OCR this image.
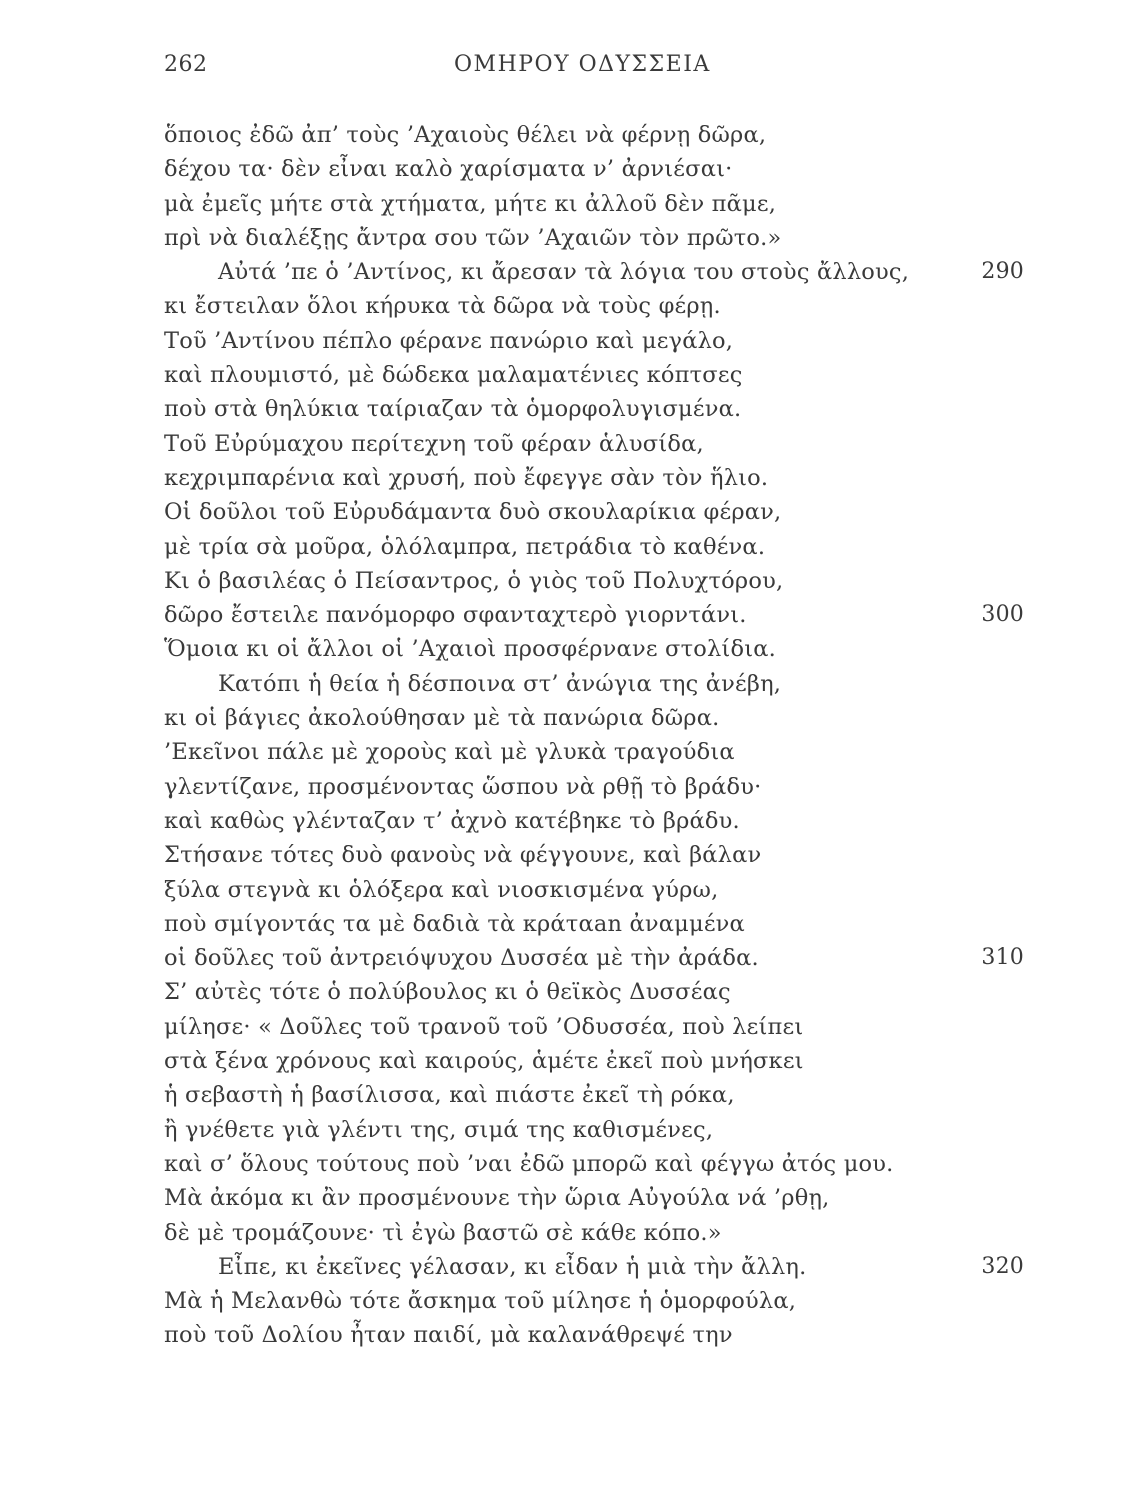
262	ΟΜΗΡΟΥ ΟΔΥΣΣΕΙΑ
ὅποιος ἐδῶ ἀπ’ τοὺς ’Αχαιοὺς θέλει νὰ φέρνῃ δῶρα,
δέχου τα· δὲν εἶναι καλὸ χαρίσματα ν’ ἀρνιέσαι·
μὰ ἐμεῖς μήτε στὰ χτήματα, μήτε κι ἀλλοῦ δὲν πᾶμε,
πρὶ νὰ διαλέξῃς ἄντρα σου τῶν ’Αχαιῶν τὸν πρῶτο.»
Αὐτά ’πε ὁ ’Αντίνος, κι ἄρεσαν τὰ λόγια του στοὺς ἄλλους,	290
κι ἔστειλαν ὅλοι κήρυκα τὰ δῶρα νὰ τοὺς φέρῃ.
Τοῦ ’Αντίνου πέπλο φέρανε πανώριο καὶ μεγάλο,
καὶ πλουμιστό, μὲ δώδεκα μαλαματένιες κόπτσες
ποὺ στὰ θηλύκια ταίριαζαν τὰ ὁμορφολυγισμένα.
Τοῦ Εὐρύμαχου περίτεχνη τοῦ φέραν ἁλυσίδα,
κεχριμπαρένια καὶ χρυσή, ποὺ ἔφεγγε σὰν τὸν ἥλιο.
Οἱ δοῦλοι τοῦ Εὐρυδάμαντα δυὸ σκουλαρίκια φέραν,
μὲ τρία σὰ μοῦρα, ὁλόλαμπρα, πετράδια τὸ καθένα.
Κι ὁ βασιλέας ὁ Πείσαντρος, ὁ γιὸς τοῦ Πολυχτόρου,
δῶρο ἔστειλε πανόμορφο σφανταχτερὸ γιορντάνι.	300
Ὅμοια κι οἱ ἄλλοι οἱ ’Αχαιοὶ προσφέρνανε στολίδια.
Κατόπι ἡ θεία ἡ δέσποινα στ’ ἀνώγια της ἀνέβη,
κι οἱ βάγιες ἀκολούθησαν μὲ τὰ πανώρια δῶρα.
’Εκεῖνοι πάλε μὲ χοροὺς καὶ μὲ γλυκὰ τραγούδια
γλεντίζανε, προσμένοντας ὥσπου νὰ ρθῇ τὸ βράδυ·
καὶ καθὼς γλένταζαν τ’ ἀχνὸ κατέβηκε τὸ βράδυ.
Στήσανε τότες δυὸ φανοὺς νὰ φέγγουνε, καὶ βάλαν
ξύλα στεγνὰ κι ὁλόξερα καὶ νιοσκισμένα γύρω,
ποὺ σμίγοντάς τα μὲ δαδιὰ τὰ κράταan ἀναμμένα
οἱ δοῦλες τοῦ ἀντρειόψυχου Δυσσέα μὲ τὴν ἀράδα.	310
Σ’ αὐτὲς τότε ὁ πολύβουλος κι ὁ θεϊκὸς Δυσσέας
μίλησε· « Δοῦλες τοῦ τρανοῦ τοῦ ’Οδυσσέα, ποὺ λείπει
στὰ ξένα χρόνους καὶ καιρούς, ἁμέτε ἐκεῖ ποὺ μνήσκει
ἡ σεβαστὴ ἡ βασίλισσα, καὶ πιάστε ἐκεῖ τὴ ρόκα,
ἢ γνέθετε γιὰ γλέντι της, σιμά της καθισμένες,
καὶ σ’ ὅλους τούτους ποὺ ’ναι ἐδῶ μπορῶ καὶ φέγγω ἀτός μου.
Μὰ ἀκόμα κι ἂν προσμένουνε τὴν ὥρια Αὐγούλα νά ’ρθῃ,
δὲ μὲ τρομάζουνε· τὶ ἐγὼ βαστῶ σὲ κάθε κόπο.»
Εἶπε, κι ἐκεῖνες γέλασαν, κι εἶδαν ἡ μιὰ τὴν ἄλλη.	320
Μὰ ἡ Μελανθὼ τότε ἄσκημα τοῦ μίλησε ἡ ὁμορφούλα,
ποὺ τοῦ Δολίου ἦταν παιδί, μὰ καλανάθρεψέ την
